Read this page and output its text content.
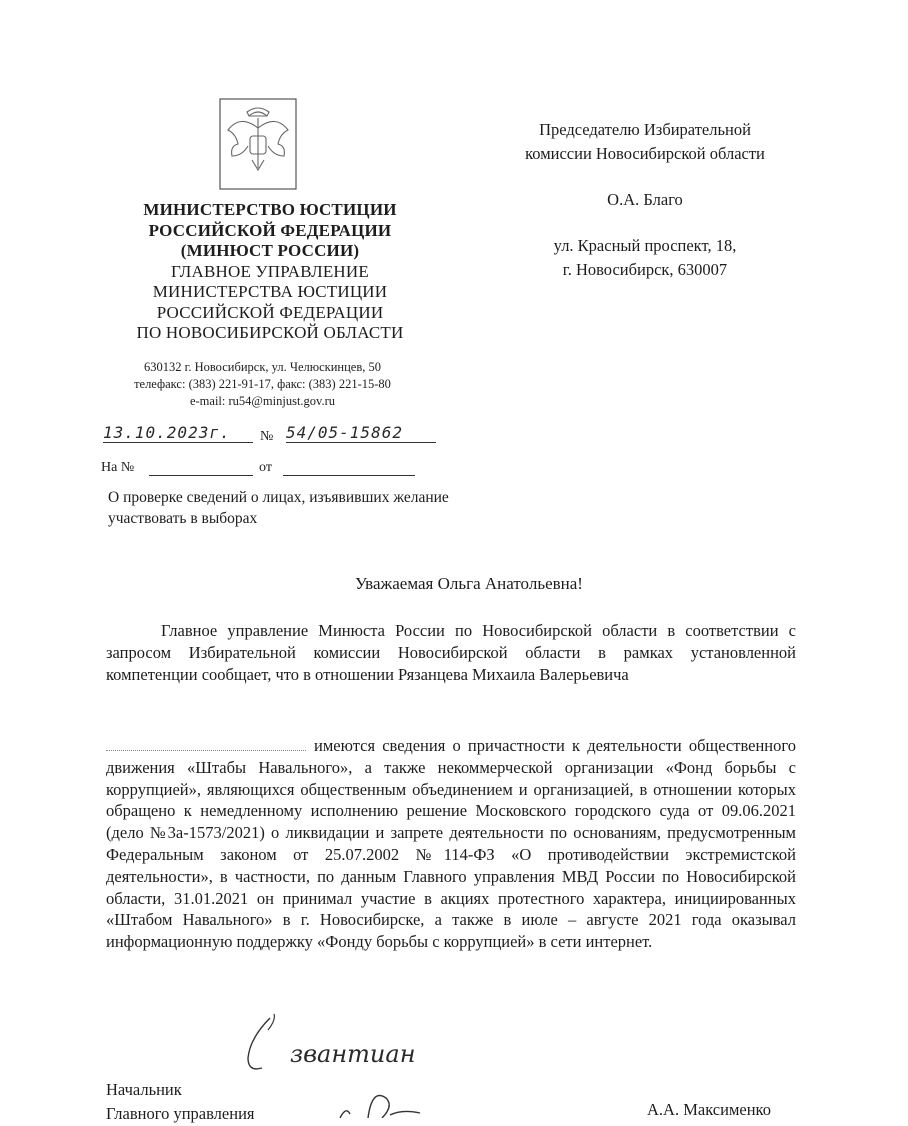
МИНИСТЕРСТВО ЮСТИЦИИ
РОССИЙСКОЙ ФЕДЕРАЦИИ
(МИНЮСТ РОССИИ)
ГЛАВНОЕ УПРАВЛЕНИЕ
МИНИСТЕРСТВА ЮСТИЦИИ
РОССИЙСКОЙ ФЕДЕРАЦИИ
ПО НОВОСИБИРСКОЙ ОБЛАСТИ
630132 г. Новосибирск, ул. Челюскинцев, 50
телефакс: (383) 221-91-17, факс: (383) 221-15-80
e-mail: ru54@minjust.gov.ru
Председателю Избирательной
комиссии Новосибирской области
О.А. Благо
ул. Красный проспект, 18,
г. Новосибирск, 630007
13.10.2023г.	№ 54/05-15862
На №	от
О проверке сведений о лицах, изъявивших желание участвовать в выборах
Уважаемая Ольга Анатольевна!
Главное управление Минюста России по Новосибирской области в соответствии с запросом Избирательной комиссии Новосибирской области в рамках установленной компетенции сообщает, что в отношении Рязанцева Михаила Валерьевича
имеются сведения о причастности к деятельности общественного движения «Штабы Навального», а также некоммерческой организации «Фонд борьбы с коррупцией», являющихся общественным объединением и организацией, в отношении которых обращено к немедленному исполнению решение Московского городского суда от 09.06.2021 (дело №3а-1573/2021) о ликвидации и запрете деятельности по основаниям, предусмотренным Федеральным законом от 25.07.2002 №114-ФЗ «О противодействии экстремистской деятельности», в частности, по данным Главного управления МВД России по Новосибирской области, 31.01.2021 он принимал участие в акциях протестного характера, инициированных «Штабом Навального» в г. Новосибирске, а также в июле – августе 2021 года оказывал информационную поддержку «Фонду борьбы с коррупцией» в сети интернет.
звантиан
Начальник
Главного управления	А.А. Максименко
